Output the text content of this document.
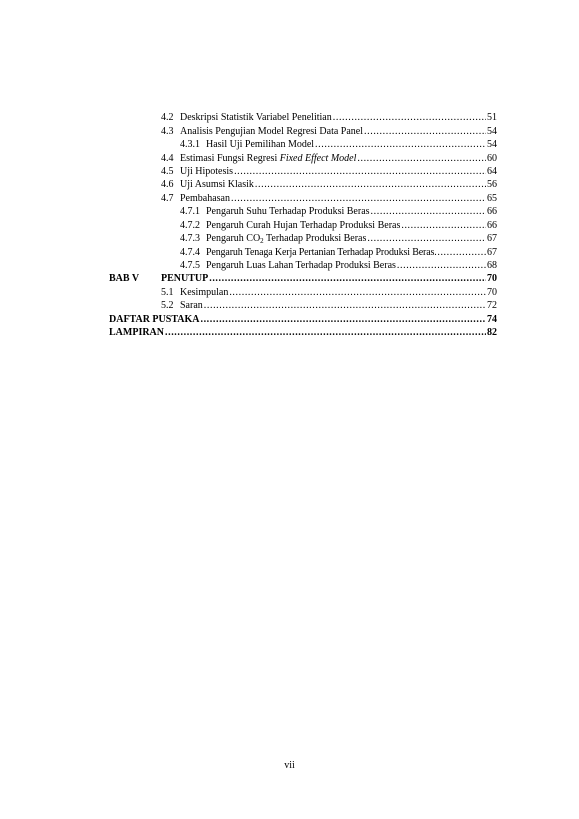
4.2 Deskripsi Statistik Variabel Penelitian .....	51
4.3 Analisis Pengujian Model Regresi Data Panel .....	54
4.3.1 Hasil Uji Pemilihan Model .....	54
4.4 Estimasi Fungsi Regresi Fixed Effect Model .....	60
4.5 Uji Hipotesis .....	64
4.6 Uji Asumsi Klasik .....	56
4.7 Pembahasan .....	65
4.7.1 Pengaruh Suhu Terhadap Produksi Beras .....	66
4.7.2 Pengaruh Curah Hujan Terhadap Produksi Beras .....	66
4.7.3 Pengaruh $CO_2$ Terhadap Produksi Beras .....	67
4.7.4 Pengaruh Tenaga Kerja Pertanian Terhadap Produksi Beras .....	67
4.7.5 Pengaruh Luas Lahan Terhadap Produksi Beras .....	68
BAB V	PENUTUP .....	70
5.1 Kesimpulan .....	70
5.2 Saran .....	72
DAFTAR PUSTAKA .....	74
LAMPIRAN .....	82
vii
